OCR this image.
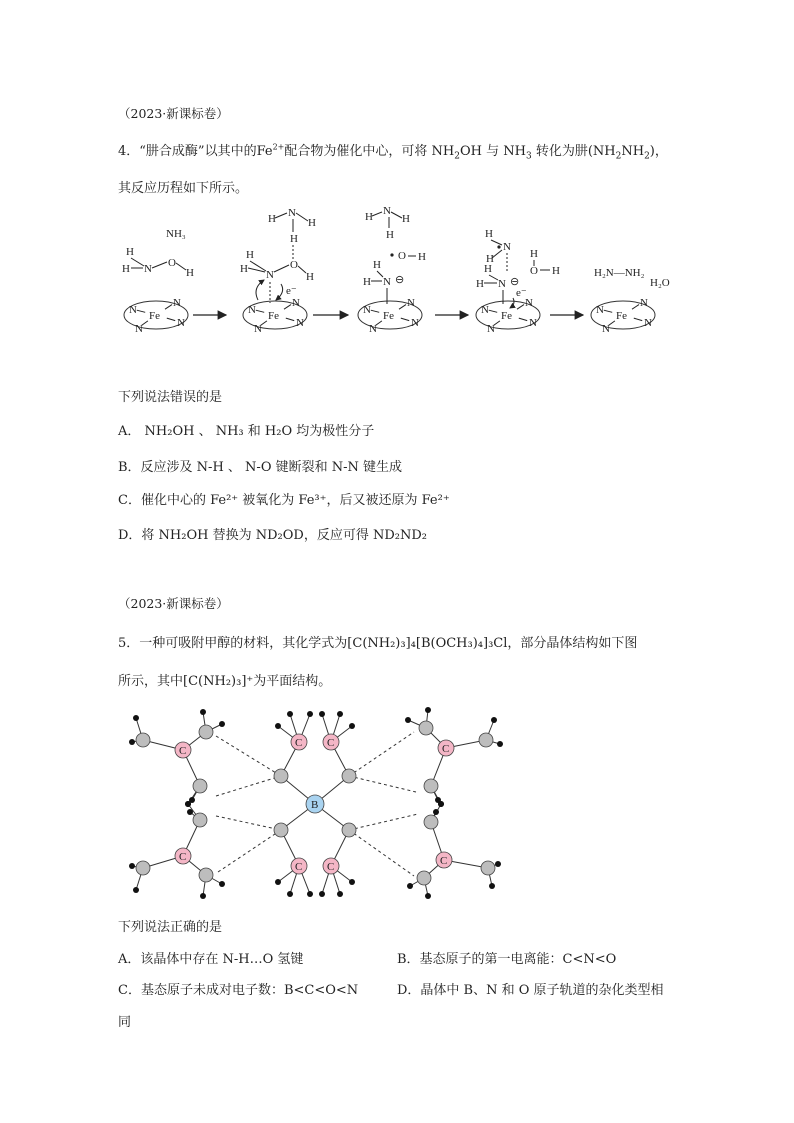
（2023·新课标卷）
4．“肼合成酶”以其中的$Fe^{2+}$配合物为催化中心，可将 $NH_2OH$ 与 $NH_3$ 转化为肼$(NH_2NH_2)$，
其反应历程如下所示。
N
N
N
N
Fe	N
N
N
N
Fe	N
N
N
N
Fe	N
N
N
N
Fe	N
N
N
N
Fe
NH₃
H
H N O
H
H N
H
H
H
H N
O
H
e⁻
H N
H
H
O H
H
H N ⊖
H
N
H	H
O H
H
H N ⊖
e⁻
H₂N—NH₂
H₂O
下列说法错误的是
A． NH₂OH 、 NH₃ 和 H₂O 均为极性分子
B．反应涉及 N-H 、 N-O 键断裂和 N-N 键生成
C．催化中心的 Fe²⁺ 被氧化为 Fe³⁺，后又被还原为 Fe²⁺
D．将 NH₂OH 替换为 ND₂OD，反应可得 ND₂ND₂
（2023·新课标卷）
5．一种可吸附甲醇的材料，其化学式为[C(NH₂)₃]₄[B(OCH₃)₄]₃Cl，部分晶体结构如下图
所示，其中[C(NH₂)₃]⁺为平面结构。
C
C
C
C
C C
C C
B
下列说法正确的是
A．该晶体中存在 N-H…O 氢键	B．基态原子的第一电离能：C<N<O
C．基态原子未成对电子数：B<C<O<N	D．晶体中 B、N 和 O 原子轨道的杂化类型相
同
